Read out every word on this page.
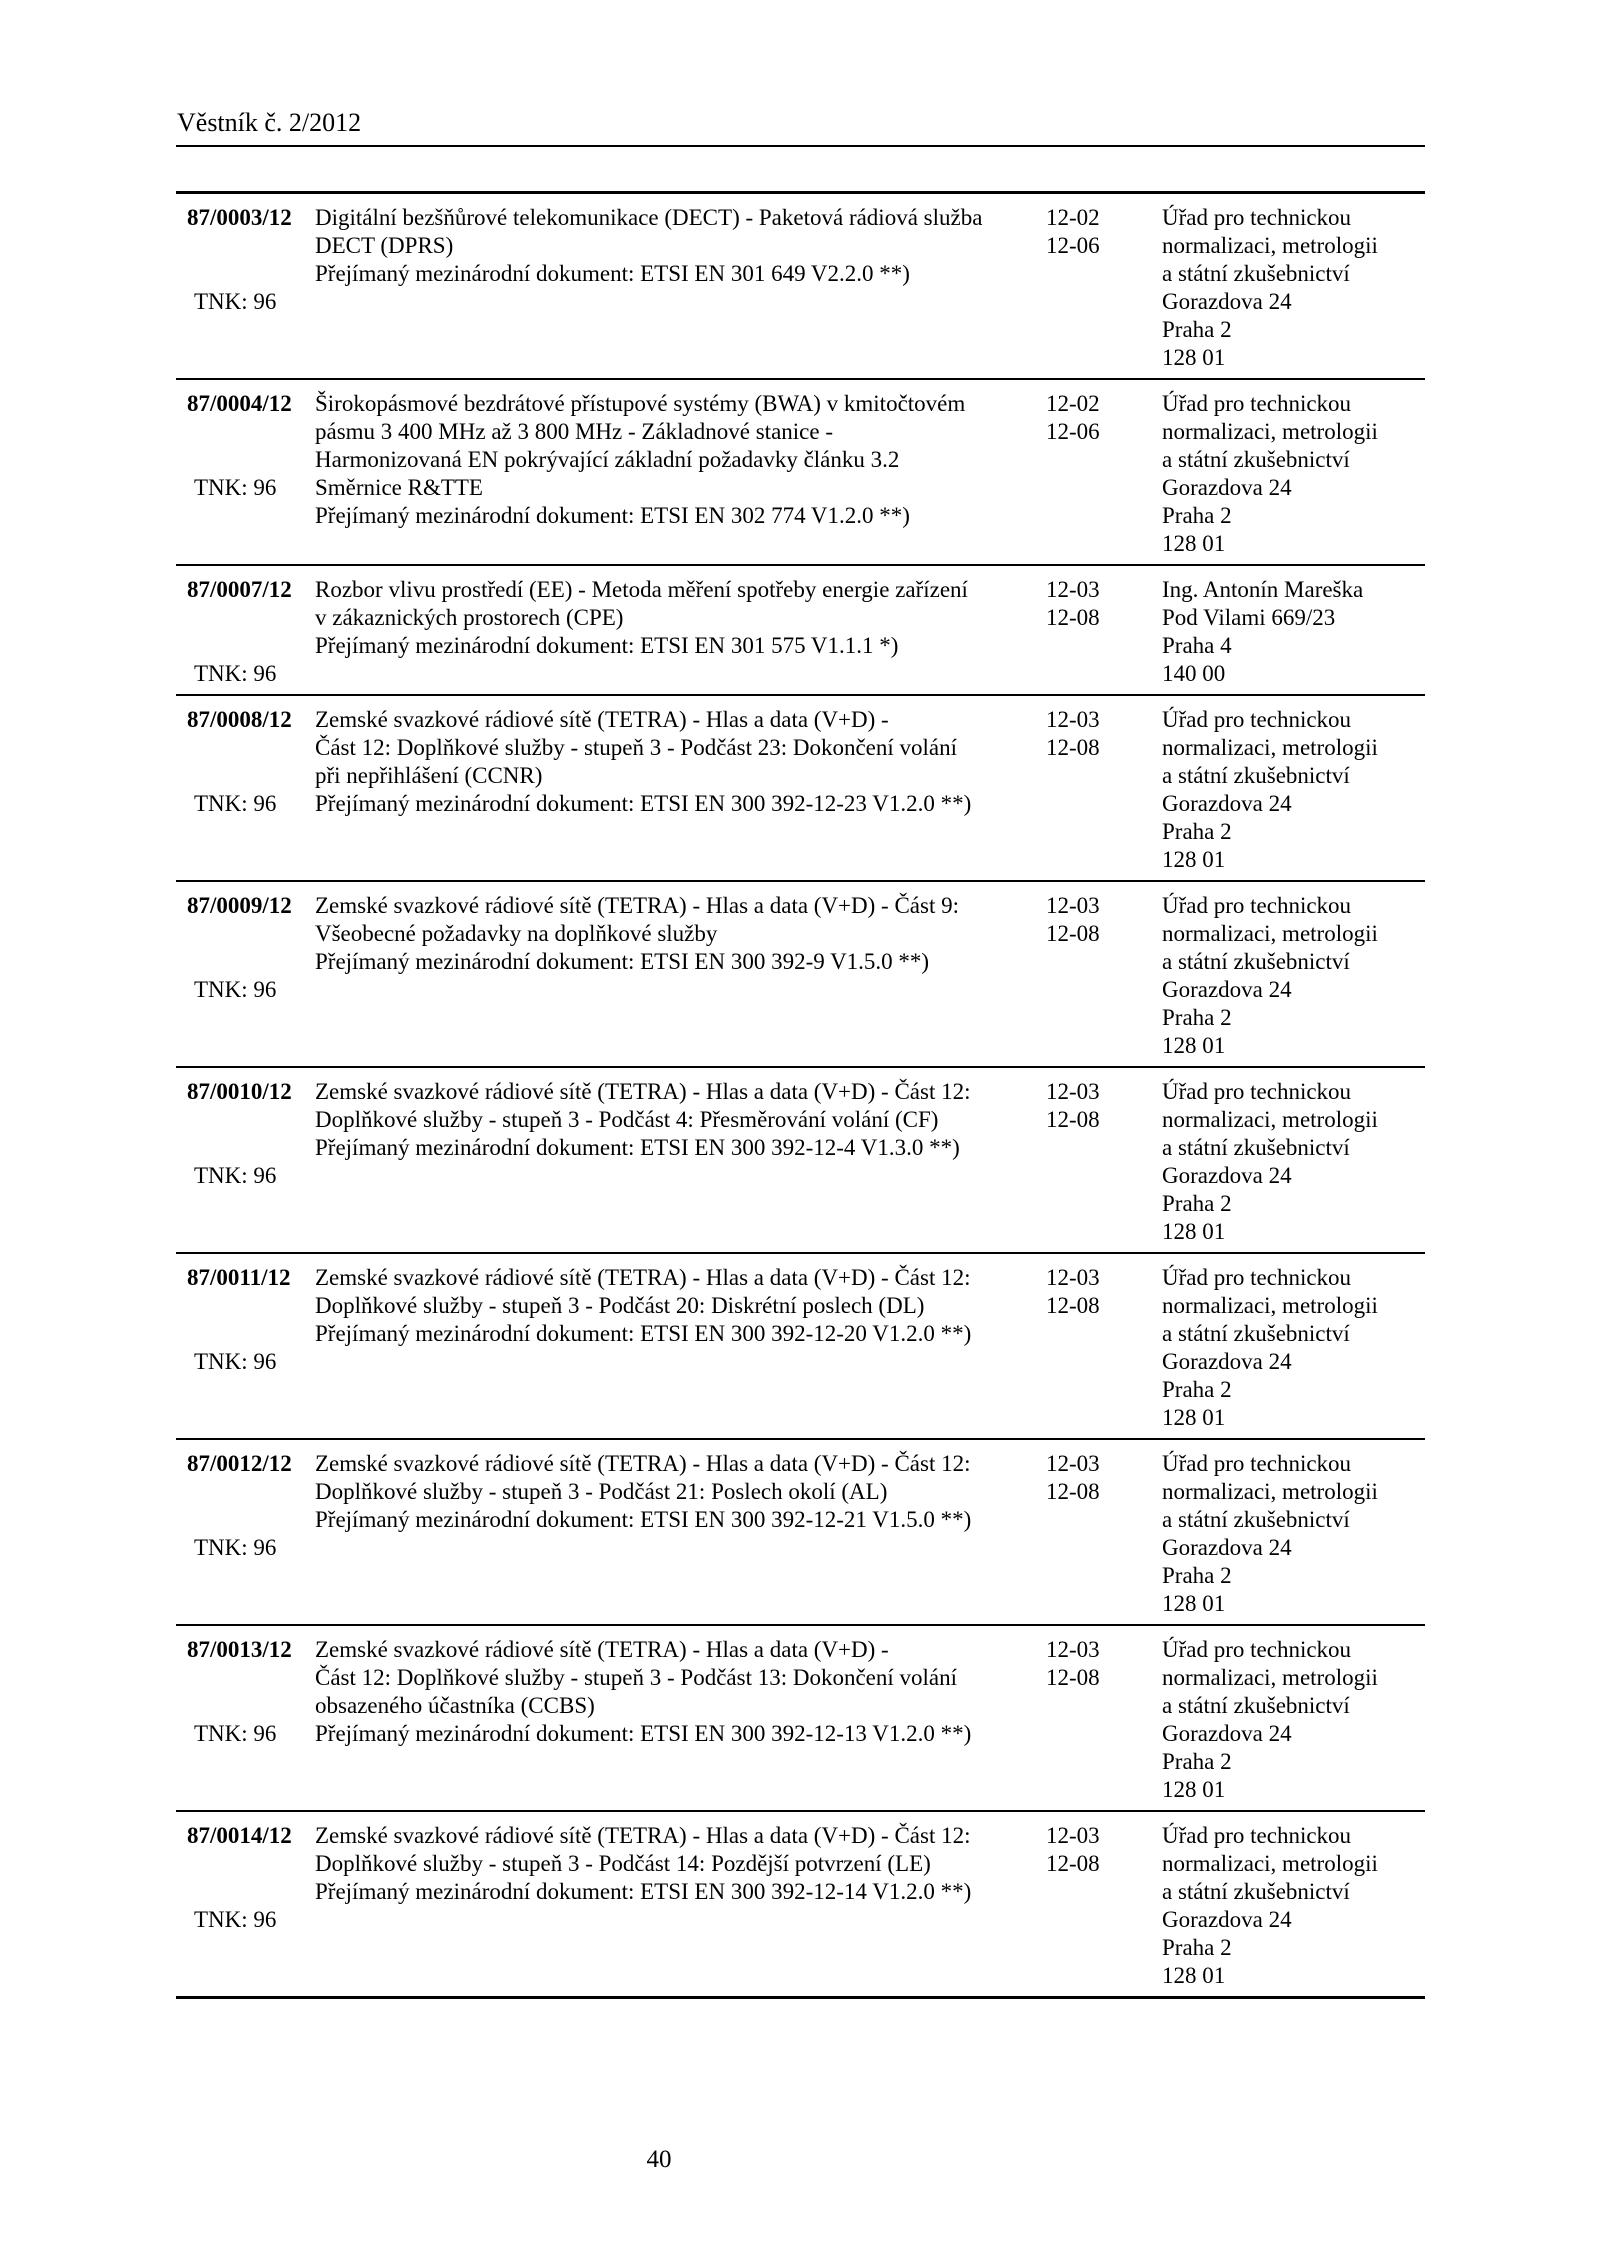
Věstník č. 2/2012
87/0003/12
TNK: 96
Digitální bezšňůrové telekomunikace (DECT) - Paketová rádiová služba
DECT (DPRS)
Přejímaný mezinárodní dokument: ETSI EN 301 649 V2.2.0 **)
12-02
12-06
Úřad pro technickou
normalizaci, metrologii
a státní zkušebnictví
Gorazdova 24
Praha 2
128 01
87/0004/12
TNK: 96
Širokopásmové bezdrátové přístupové systémy (BWA) v kmitočtovém
pásmu 3 400 MHz až 3 800 MHz - Základnové stanice -
Harmonizovaná EN pokrývající základní požadavky článku 3.2
Směrnice R&TTE
Přejímaný mezinárodní dokument: ETSI EN 302 774 V1.2.0 **)
12-02
12-06
Úřad pro technickou
normalizaci, metrologii
a státní zkušebnictví
Gorazdova 24
Praha 2
128 01
87/0007/12
TNK: 96
Rozbor vlivu prostředí (EE) - Metoda měření spotřeby energie zařízení
v zákaznických prostorech (CPE)
Přejímaný mezinárodní dokument: ETSI EN 301 575 V1.1.1 *)
12-03
12-08
Ing. Antonín Mareška
Pod Vilami 669/23
Praha 4
140 00
87/0008/12
TNK: 96
Zemské svazkové rádiové sítě (TETRA) - Hlas a data (V+D) -
Část 12: Doplňkové služby - stupeň 3 - Podčást 23: Dokončení volání
při nepřihlášení (CCNR)
Přejímaný mezinárodní dokument: ETSI EN 300 392-12-23 V1.2.0 **)
12-03
12-08
Úřad pro technickou
normalizaci, metrologii
a státní zkušebnictví
Gorazdova 24
Praha 2
128 01
87/0009/12
TNK: 96
Zemské svazkové rádiové sítě (TETRA) - Hlas a data (V+D) - Část 9:
Všeobecné požadavky na doplňkové služby
Přejímaný mezinárodní dokument: ETSI EN 300 392-9 V1.5.0 **)
12-03
12-08
Úřad pro technickou
normalizaci, metrologii
a státní zkušebnictví
Gorazdova 24
Praha 2
128 01
87/0010/12
TNK: 96
Zemské svazkové rádiové sítě (TETRA) - Hlas a data (V+D) - Část 12:
Doplňkové služby - stupeň 3 - Podčást 4: Přesměrování volání (CF)
Přejímaný mezinárodní dokument: ETSI EN 300 392-12-4 V1.3.0 **)
12-03
12-08
Úřad pro technickou
normalizaci, metrologii
a státní zkušebnictví
Gorazdova 24
Praha 2
128 01
87/0011/12
TNK: 96
Zemské svazkové rádiové sítě (TETRA) - Hlas a data (V+D) - Část 12:
Doplňkové služby - stupeň 3 - Podčást 20: Diskrétní poslech (DL)
Přejímaný mezinárodní dokument: ETSI EN 300 392-12-20 V1.2.0 **)
12-03
12-08
Úřad pro technickou
normalizaci, metrologii
a státní zkušebnictví
Gorazdova 24
Praha 2
128 01
87/0012/12
TNK: 96
Zemské svazkové rádiové sítě (TETRA) - Hlas a data (V+D) - Část 12:
Doplňkové služby - stupeň 3 - Podčást 21: Poslech okolí (AL)
Přejímaný mezinárodní dokument: ETSI EN 300 392-12-21 V1.5.0 **)
12-03
12-08
Úřad pro technickou
normalizaci, metrologii
a státní zkušebnictví
Gorazdova 24
Praha 2
128 01
87/0013/12
TNK: 96
Zemské svazkové rádiové sítě (TETRA) - Hlas a data (V+D) -
Část 12: Doplňkové služby - stupeň 3 - Podčást 13: Dokončení volání
obsazeného účastníka (CCBS)
Přejímaný mezinárodní dokument: ETSI EN 300 392-12-13 V1.2.0 **)
12-03
12-08
Úřad pro technickou
normalizaci, metrologii
a státní zkušebnictví
Gorazdova 24
Praha 2
128 01
87/0014/12
TNK: 96
Zemské svazkové rádiové sítě (TETRA) - Hlas a data (V+D) - Část 12:
Doplňkové služby - stupeň 3 - Podčást 14: Pozdější potvrzení (LE)
Přejímaný mezinárodní dokument: ETSI EN 300 392-12-14 V1.2.0 **)
12-03
12-08
Úřad pro technickou
normalizaci, metrologii
a státní zkušebnictví
Gorazdova 24
Praha 2
128 01
40
